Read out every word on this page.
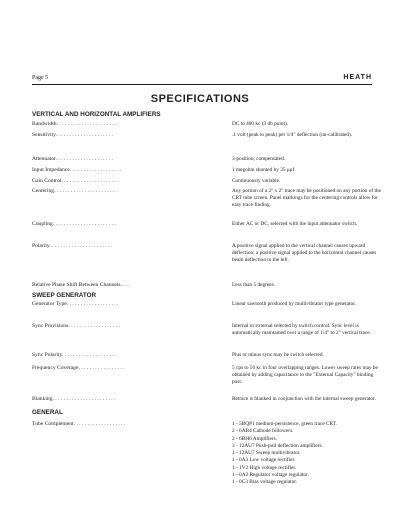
Page 5	HEATH
SPECIFICATIONS
VERTICAL AND HORIZONTAL AMPLIFIERS
Bandwidth. . . . . . . . . . . . . . . . . . . . . .	DC to 400 kc (3 db point).
Sensitivity. . . . . . . . . . . . . . . . . . . . .	.1 volt (peak to peak) per 1/4" deflection (un-calibrated).
Attenuator. . . . . . . . . . . . . . . . . . . . .	3-position, compensated.
Input Impedance. . . . . . . . . . . . . . . . . . .	1 megohm shunted by 35 μμf.
Gain Control. . . . . . . . . . . . . . . . . . . . .	Continuously variable.
Centering. . . . . . . . . . . . . . . . . . . . . .	Any portion of a 2" x 2" trace may be positioned on any portion of the CRT tube screen. Panel markings for the centering controls allow for easy trace finding.
Coupling. . . . . . . . . . . . . . . . . . . . . . .	Either AC or DC, selected with the input attenuator switch.
Polarity. . . . . . . . . . . . . . . . . . . . . . .	A positive signal applied to the vertical channel causes upward deflection; a positive signal applied to the horizontal channel causes beam deflection to the left.
Relative Phase Shift Between Channels. . . .	Less than 5 degrees.
SWEEP GENERATOR
Generator Type. . . . . . . . . . . . . . . . . . .	Linear sawtooth produced by multivibrator type generator.
Sync Provisions. . . . . . . . . . . . . . . . . . .	Internal or external selected by switch control. Sync level is automatically maintained over a range of 1/4" to 2" vertical trace.
Sync Polarity. . . . . . . . . . . . . . . . . . . .	Plus or minus sync may be switch selected.
Frequency Coverage. . . . . . . . . . . . . . . . .	5 cps to 50 kc in four overlapping ranges. Lower sweep rates may be obtained by adding capacitance to the "External Capacity" binding post.
Blanking. . . . . . . . . . . . . . . . . . . . . . .	Retrace is blanked in conjunction with the internal sweep generator.
GENERAL
Tube Complement. . . . . . . . . . . . . . . . . . .	1 - 5BQP1 medium-persistence, green trace CRT.
2 - 6AB4 Cathode followers.
2 - 6BH6 Amplifiers.
3 - 12AU7 Push-pull deflection amplifiers.
1 - 12AU7 Sweep multivibrator.
1 - 0A3 Low voltage rectifier.
1 - 1V2 High voltage rectifier.
1 - 0A2 Regulator voltage regulator.
1 - 0C3 Bias voltage regulator.
